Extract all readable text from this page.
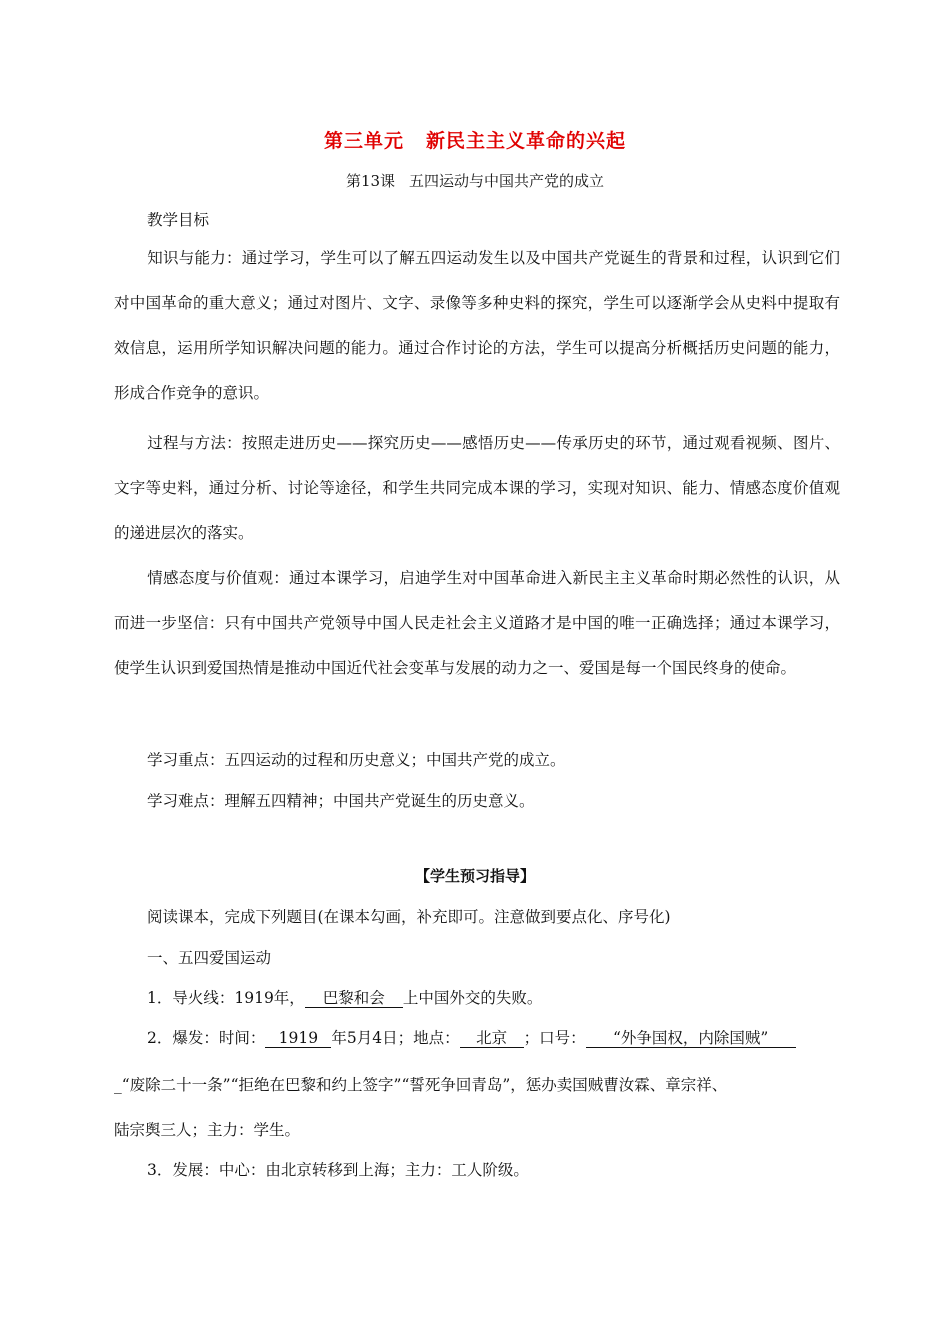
第三单元 新民主主义革命的兴起
第13课 五四运动与中国共产党的成立

教学目标

知识与能力：通过学习，学生可以了解五四运动发生以及中国共产党诞生的背景和过程，认识到它们对中国革命的重大意义；通过对图片、文字、录像等多种史料的探究，学生可以逐渐学会从史料中提取有效信息，运用所学知识解决问题的能力。通过合作讨论的方法，学生可以提高分析概括历史问题的能力，形成合作竞争的意识。

过程与方法：按照走进历史——探究历史——感悟历史——传承历史的环节，通过观看视频、图片、文字等史料，通过分析、讨论等途径，和学生共同完成本课的学习，实现对知识、能力、情感态度价值观的递进层次的落实。

情感态度与价值观：通过本课学习，启迪学生对中国革命进入新民主主义革命时期必然性的认识，从而进一步坚信：只有中国共产党领导中国人民走社会主义道路才是中国的唯一正确选择；通过本课学习，使学生认识到爱国热情是推动中国近代社会变革与发展的动力之一、爱国是每一个国民终身的使命。

学习重点：五四运动的过程和历史意义；中国共产党的成立。

学习难点：理解五四精神；中国共产党诞生的历史意义。

【学生预习指导】

阅读课本，完成下列题目(在课本勾画，补充即可。注意做到要点化、序号化)

一、五四爱国运动

1．导火线：1919年， 巴黎和会 上中国外交的失败。

2．爆发：时间： 1919 年5月4日；地点： 北京 ；口号： “外争国权，内除国贼”

_“废除二十一条”“拒绝在巴黎和约上签字”“誓死争回青岛”，惩办卖国贼曹汝霖、章宗祥、

陆宗舆三人；主力：学生。

3．发展：中心：由北京转移到上海；主力：工人阶级。
